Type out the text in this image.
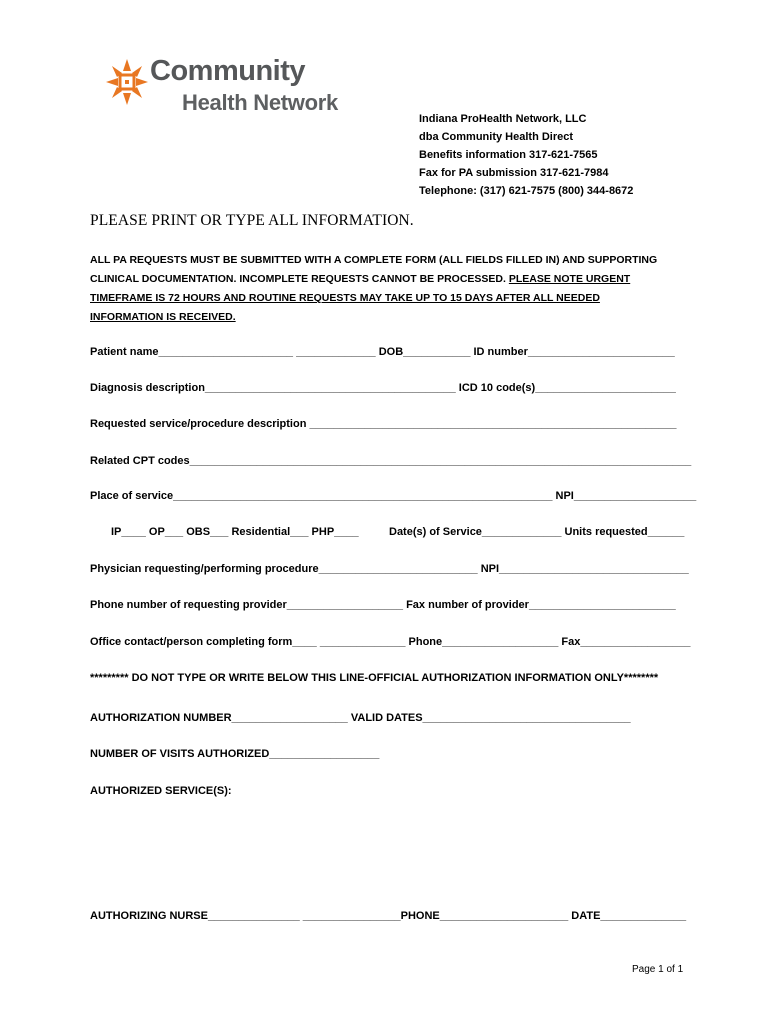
Community
Health Network
Indiana ProHealth Network, LLC
dba Community Health Direct
Benefits information 317-621-7565
Fax for PA submission 317-621-7984
Telephone: (317) 621-7575 (800) 344-8672
PLEASE PRINT OR TYPE ALL INFORMATION.
ALL PA REQUESTS MUST BE SUBMITTED WITH A COMPLETE FORM (ALL FIELDS FILLED IN) AND SUPPORTING
CLINICAL DOCUMENTATION. INCOMPLETE REQUESTS CANNOT BE PROCESSED. PLEASE NOTE URGENT
TIMEFRAME IS 72 HOURS AND ROUTINE REQUESTS MAY TAKE UP TO 15 DAYS AFTER ALL NEEDED
INFORMATION IS RECEIVED.
Patient name______________________ _____________ DOB___________ ID number________________________
Diagnosis description_________________________________________ ICD 10 code(s)_______________________
Requested service/procedure description ____________________________________________________________
Related CPT codes__________________________________________________________________________________
Place of service______________________________________________________________ NPI____________________
IP____ OP___ OBS___ Residential___ PHP____	Date(s) of Service_____________ Units requested______
Physician requesting/performing procedure__________________________ NPI_______________________________
Phone number of requesting provider___________________ Fax number of provider________________________
Office contact/person completing form____ ______________ Phone___________________ Fax__________________
********* DO NOT TYPE OR WRITE BELOW THIS LINE-OFFICIAL AUTHORIZATION INFORMATION ONLY********
AUTHORIZATION NUMBER___________________ VALID DATES__________________________________
NUMBER OF VISITS AUTHORIZED__________________
AUTHORIZED SERVICE(S):
AUTHORIZING NURSE_______________ ________________PHONE_____________________ DATE______________
Page 1 of 1
